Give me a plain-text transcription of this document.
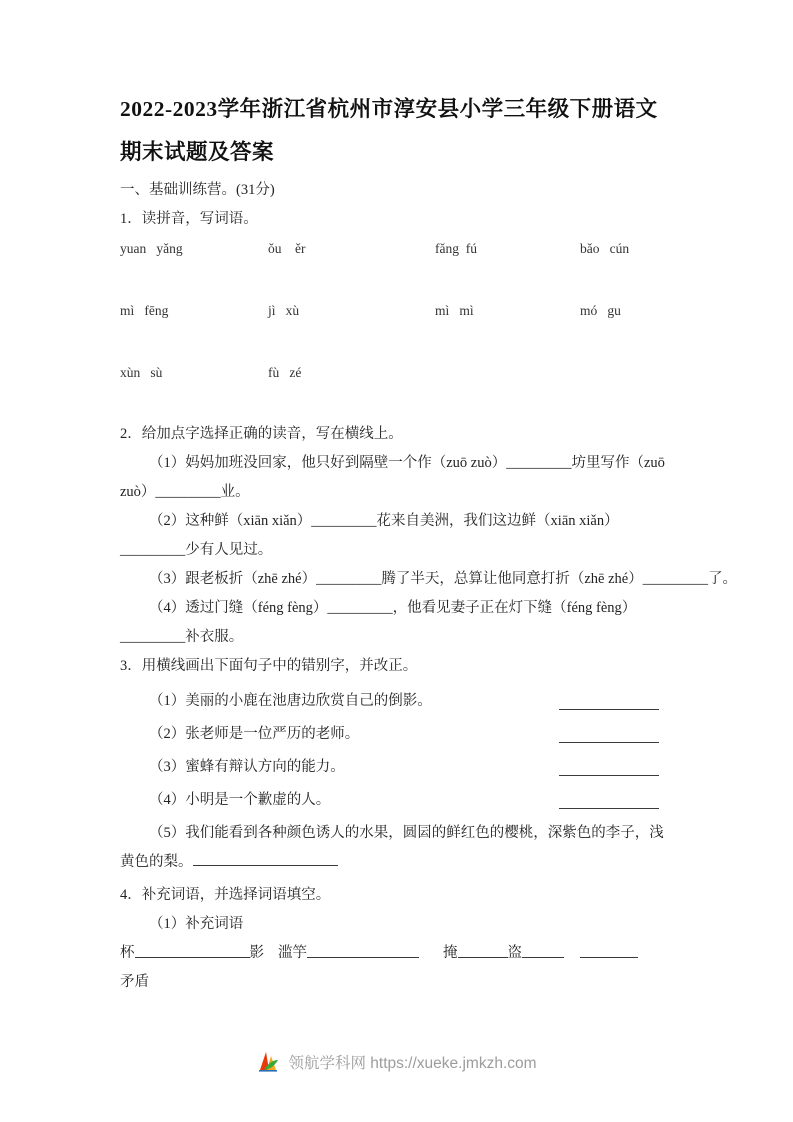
2022-2023学年浙江省杭州市淳安县小学三年级下册语文期末试题及答案

一、基础训练营。(31分)

1．读拼音，写词语。

yuan   yǎng	ǒu    ěr	fǎng  fú	bǎo   cún
mì   fēng	jì   xù	mì   mì	mó   gu
xùn   sù	fù   zé

2．给加点字选择正确的读音，写在横线上。

（1）妈妈加班没回家，他只好到隔壁一个作（zuō zuò）_________坊里写作（zuō zuò）_________业。

（2）这种鲜（xiān xiǎn）_________花来自美洲，我们这边鲜（xiān xiǎn）_________少有人见过。

（3）跟老板折（zhē zhé）_________腾了半天，总算让他同意打折（zhē zhé）_________了。

（4）透过门缝（féng fèng）_________，他看见妻子正在灯下缝（féng fèng）_________补衣服。

3．用横线画出下面句子中的错别字，并改正。

（1）美丽的小鹿在池唐边欣赏自己的倒影。
（2）张老师是一位严历的老师。
（3）蜜蜂有辩认方向的能力。
（4）小明是一个歉虚的人。

（5）我们能看到各种颜色诱人的水果，圆囩的鲜红色的樱桃，深紫色的李子，浅黄色的梨。

4．补充词语，并选择词语填空。

（1）补充词语

杯	影 滥竽	掩	盗

矛盾

领航学科网 https://xueke.jmkzh.com
